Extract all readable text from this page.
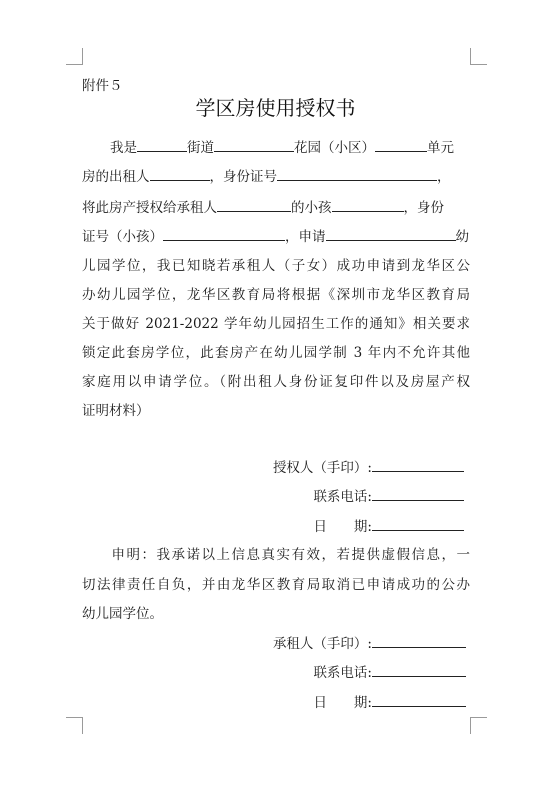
附件５
学区房使用授权书
我是	街道	花园（小区）	单元
房的出租人	，身份证号	，
将此房产授权给承租人	的小孩	，身份
证号（小孩）	，申请	幼
儿园学位，我已知晓若承租人（子女）成功申请到龙华区公
办幼儿园学位，龙华区教育局将根据《深圳市龙华区教育局
关于做好 2021-2022 学年幼儿园招生工作的通知》相关要求
锁定此套房学位，此套房产在幼儿园学制 3 年内不允许其他
家庭用以申请学位。（附出租人身份证复印件以及房屋产权
证明材料）
授权人（手印）:
联系电话:
日　　期:
申明：我承诺以上信息真实有效，若提供虚假信息，一
切法律责任自负，并由龙华区教育局取消已申请成功的公办
幼儿园学位。
承租人（手印）:
联系电话:
日　　期:
